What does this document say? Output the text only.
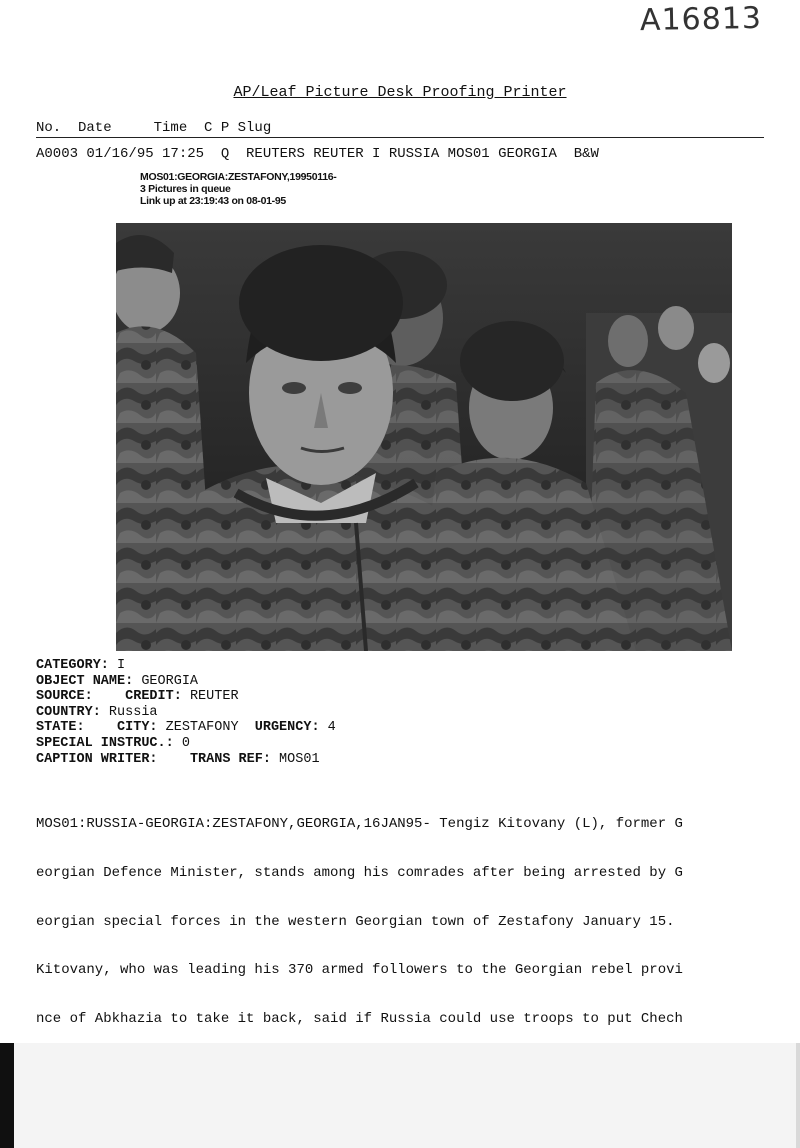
A16813
AP/Leaf Picture Desk Proofing Printer
No.  Date     Time  C P Slug
A0003 01/16/95 17:25  Q  REUTERS REUTER I RUSSIA MOS01 GEORGIA  B&W
MOS01:GEORGIA:ZESTAFONY,19950116-
3 Pictures in queue
Link up at 23:19:43 on 08-01-95
CATEGORY: I
OBJECT NAME: GEORGIA
SOURCE: CREDIT: REUTER
COUNTRY: Russia
STATE: CITY: ZESTAFONY  URGENCY: 4
SPECIAL INSTRUC.: 0
CAPTION WRITER: TRANS REF: MOS01

MOS01:RUSSIA-GEORGIA:ZESTAFONY,GEORGIA,16JAN95- Tengiz Kitovany (L), former G

eorgian Defence Minister, stands among his comrades after being arrested by G

eorgian special forces in the western Georgian town of Zestafony January 15.

Kitovany, who was leading his 370 armed followers to the Georgian rebel provi

nce of Abkhazia to take it back, said if Russia could use troops to put Chech
